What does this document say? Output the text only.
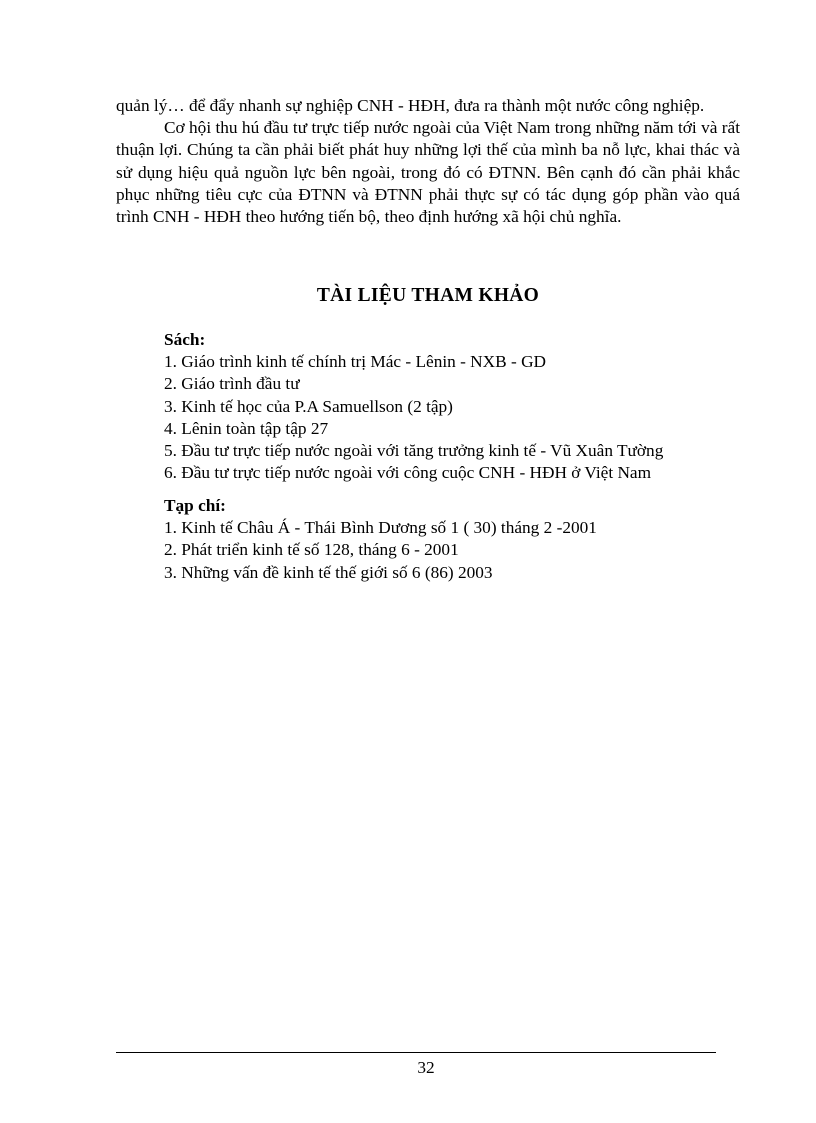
quản lý… để đẩy nhanh sự nghiệp CNH - HĐH, đưa ra thành một nước công nghiệp.

Cơ hội thu hú đầu tư trực tiếp nước ngoài của Việt Nam trong những năm tới và rất thuận lợi. Chúng ta cần phải biết phát huy những lợi thế của mình ba nỗ lực, khai thác và sử dụng hiệu quả nguồn lực bên ngoài, trong đó có ĐTNN. Bên cạnh đó cần phải khắc phục những tiêu cực của ĐTNN và ĐTNN phải thực sự có tác dụng góp phần vào quá trình CNH - HĐH theo hướng tiến bộ, theo định hướng xã hội chủ nghĩa.

TÀI LIỆU THAM KHẢO

Sách:

1. Giáo trình kinh tế chính trị Mác - Lênin - NXB - GD
2. Giáo trình đầu tư
3. Kinh tế học của P.A Samuellson (2 tập)
4. Lênin toàn tập tập 27
5. Đầu tư trực tiếp nước ngoài với tăng trưởng kinh tế - Vũ Xuân Tường
6. Đầu tư trực tiếp nước ngoài với công cuộc CNH - HĐH ở Việt Nam

Tạp chí:

1. Kinh tế Châu Á - Thái Bình Dương số 1 ( 30) tháng 2 -2001
2. Phát triển kinh tế số 128, tháng 6 - 2001
3. Những vấn đề kinh tế thế giới số 6 (86) 2003

32
